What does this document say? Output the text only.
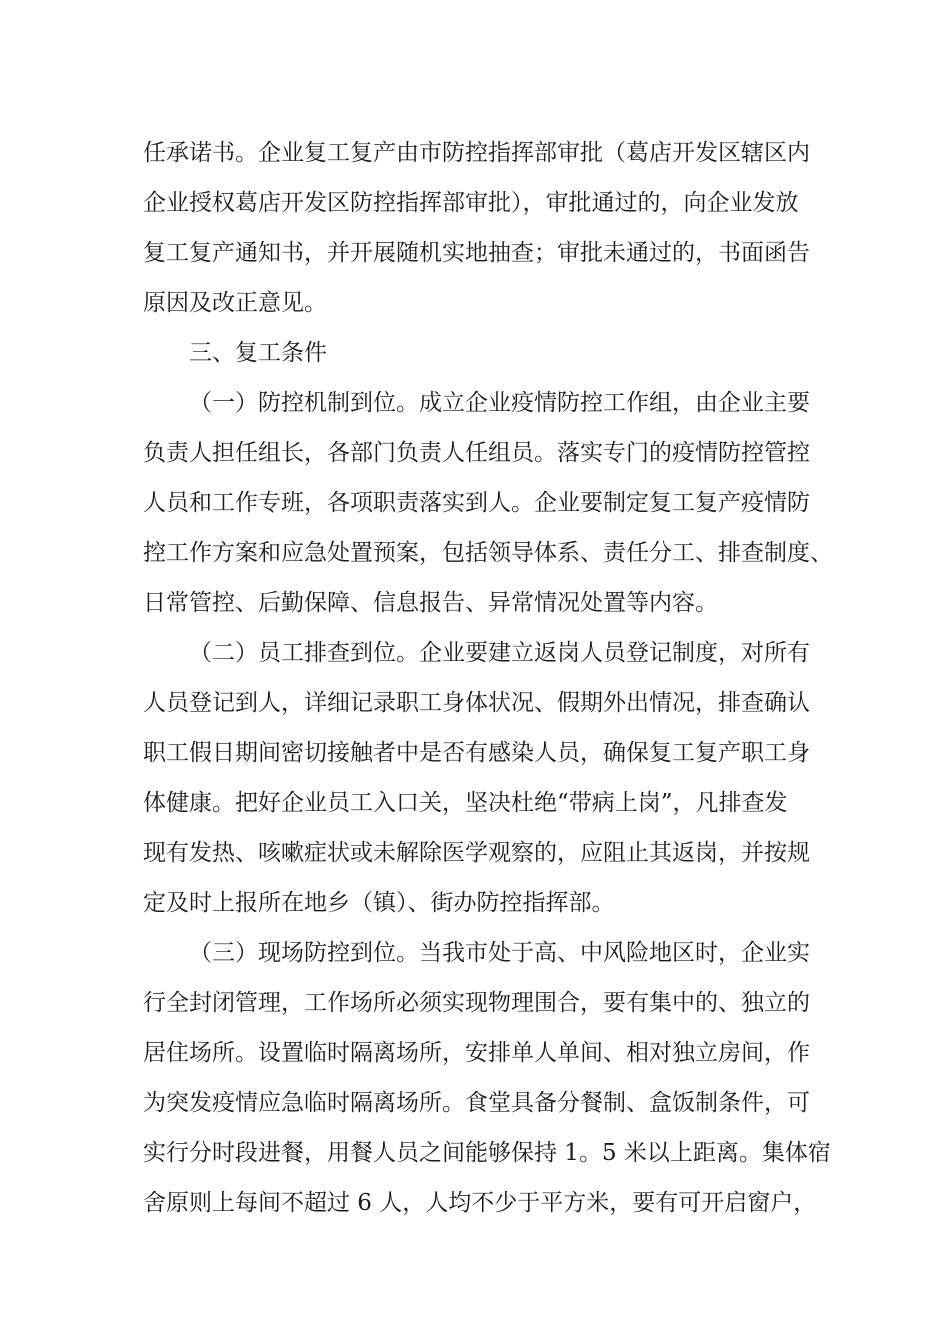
任承诺书。企业复工复产由市防控指挥部审批（葛店开发区辖区内
企业授权葛店开发区防控指挥部审批），审批通过的，向企业发放
复工复产通知书，并开展随机实地抽查；审批未通过的，书面函告
原因及改正意见。
三、复工条件
（一）防控机制到位。成立企业疫情防控工作组，由企业主要
负责人担任组长，各部门负责人任组员。落实专门的疫情防控管控
人员和工作专班，各项职责落实到人。企业要制定复工复产疫情防
控工作方案和应急处置预案，包括领导体系、责任分工、排查制度、
日常管控、后勤保障、信息报告、异常情况处置等内容。
（二）员工排查到位。企业要建立返岗人员登记制度，对所有
人员登记到人，详细记录职工身体状况、假期外出情况，排查确认
职工假日期间密切接触者中是否有感染人员，确保复工复产职工身
体健康。把好企业员工入口关，坚决杜绝“带病上岗”，凡排查发
现有发热、咳嗽症状或未解除医学观察的，应阻止其返岗，并按规
定及时上报所在地乡（镇）、街办防控指挥部。
（三）现场防控到位。当我市处于高、中风险地区时，企业实
行全封闭管理，工作场所必须实现物理围合，要有集中的、独立的
居住场所。设置临时隔离场所，安排单人单间、相对独立房间，作
为突发疫情应急临时隔离场所。食堂具备分餐制、盒饭制条件，可
实行分时段进餐，用餐人员之间能够保持 1。5 米以上距离。集体宿
舍原则上每间不超过 6 人，人均不少于平方米，要有可开启窗户，
